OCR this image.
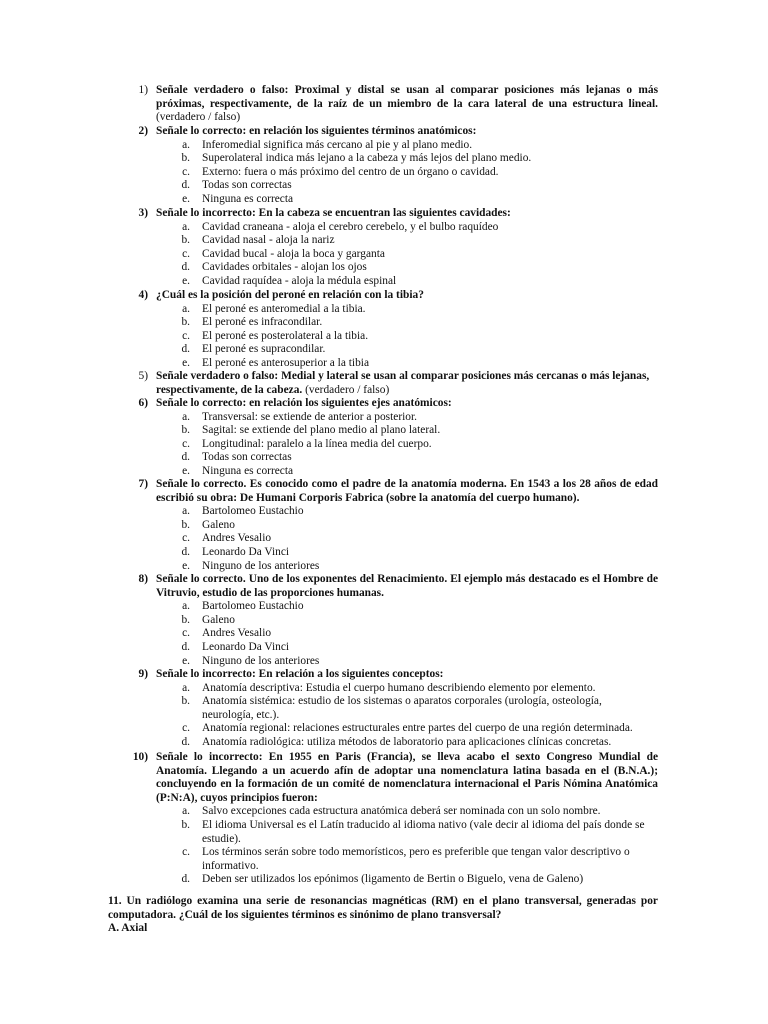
1) Señale verdadero o falso: Proximal y distal se usan al comparar posiciones más lejanas o más próximas, respectivamente, de la raíz de un miembro de la cara lateral de una estructura lineal. (verdadero / falso)
2) Señale lo correcto: en relación los siguientes términos anatómicos:
a.	Inferomedial significa más cercano al pie y al plano medio.
b.	Superolateral indica más lejano a la cabeza y más lejos del plano medio.
c.	Externo: fuera o más próximo del centro de un órgano o cavidad.
d.	Todas son correctas
e.	Ninguna es correcta
3) Señale lo incorrecto: En la cabeza se encuentran las siguientes cavidades:
a.	Cavidad craneana - aloja el cerebro cerebelo, y el bulbo raquídeo
b.	Cavidad nasal - aloja la nariz
c.	Cavidad bucal - aloja la boca y garganta
d.	Cavidades orbitales - alojan los ojos
e.	Cavidad raquídea - aloja la médula espinal
4) ¿Cuál es la posición del peroné en relación con la tibia?
a.	El peroné es anteromedial a la tibia.
b.	El peroné es infracondilar.
c.	El peroné es posterolateral a la tibia.
d.	El peroné es supracondilar.
e.	El peroné es anterosuperior a la tibia
5) Señale verdadero o falso: Medial y lateral se usan al comparar posiciones más cercanas o más lejanas, respectivamente, de la cabeza. (verdadero / falso)
6) Señale lo correcto: en relación los siguientes ejes anatómicos:
a.	Transversal: se extiende de anterior a posterior.
b.	Sagital: se extiende del plano medio al plano lateral.
c.	Longitudinal: paralelo a la línea media del cuerpo.
d.	Todas son correctas
e.	Ninguna es correcta
7) Señale lo correcto. Es conocido como el padre de la anatomía moderna. En 1543 a los 28 años de edad escribió su obra: De Humani Corporis Fabrica (sobre la anatomía del cuerpo humano).
a.	Bartolomeo Eustachio
b.	Galeno
c.	Andres Vesalio
d.	Leonardo Da Vinci
e.	Ninguno de los anteriores
8) Señale lo correcto. Uno de los exponentes del Renacimiento. El ejemplo más destacado es el Hombre de Vitruvio, estudio de las proporciones humanas.
a.	Bartolomeo Eustachio
b.	Galeno
c.	Andres Vesalio
d.	Leonardo Da Vinci
e.	Ninguno de los anteriores
9) Señale lo incorrecto: En relación a los siguientes conceptos:
a.	Anatomía descriptiva: Estudia el cuerpo humano describiendo elemento por elemento.
b.	Anatomía sistémica: estudio de los sistemas o aparatos corporales (urología, osteología, neurología, etc.).
c.	Anatomía regional: relaciones estructurales entre partes del cuerpo de una región determinada.
d.	Anatomía radiológica: utiliza métodos de laboratorio para aplicaciones clínicas concretas.
10) Señale lo incorrecto: En 1955 en Paris (Francia), se lleva acabo el sexto Congreso Mundial de Anatomía. Llegando a un acuerdo afín de adoptar una nomenclatura latina basada en el (B.N.A.); concluyendo en la formación de un comité de nomenclatura internacional el Paris Nómina Anatómica (P:N:A), cuyos principios fueron:
a.	Salvo excepciones cada estructura anatómica deberá ser nominada con un solo nombre.
b.	El idioma Universal es el Latín traducido al idioma nativo (vale decir al idioma del país donde se estudie).
c.	Los términos serán sobre todo memorísticos, pero es preferible que tengan valor descriptivo o informativo.
d.	Deben ser utilizados los epónimos (ligamento de Bertin o Biguelo, vena de Galeno)
11. Un radiólogo examina una serie de resonancias magnéticas (RM) en el plano transversal, generadas por computadora. ¿Cuál de los siguientes términos es sinónimo de plano transversal?
A. Axial
